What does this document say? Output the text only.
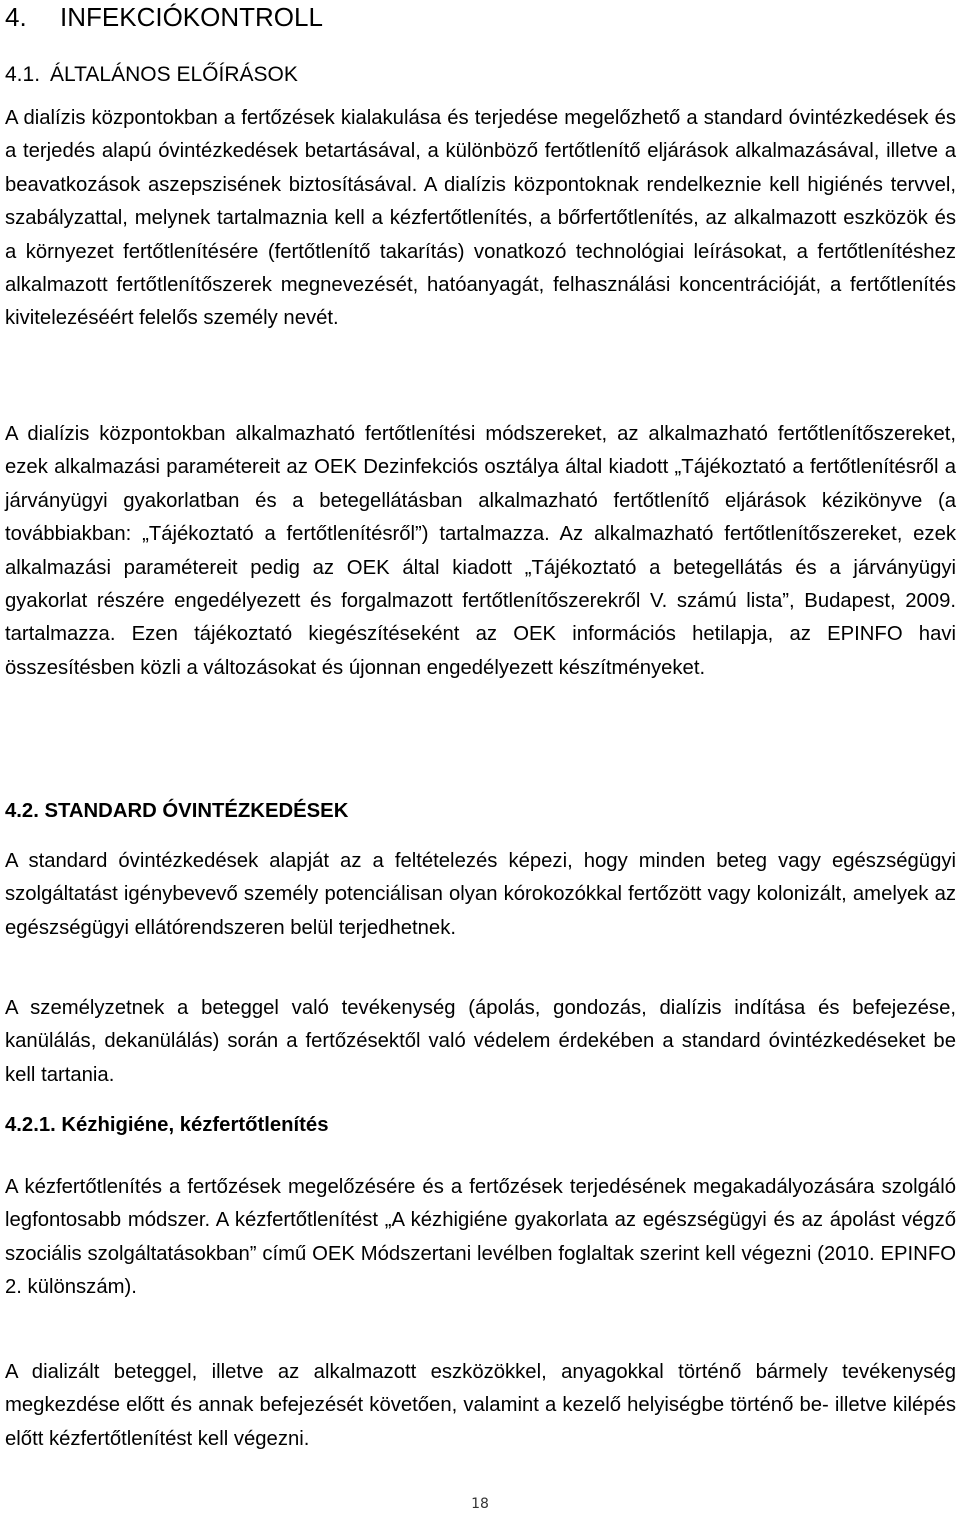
4. INFEKCIÓKONTROLL
4.1. ÁLTALÁNOS ELŐÍRÁSOK

A dialízis központokban a fertőzések kialakulása és terjedése megelőzhető a standard óvintézkedések és a terjedés alapú óvintézkedések betartásával, a különböző fertőtlenítő eljárások alkalmazásával, illetve a beavatkozások aszepszisének biztosításával. A dialízis központoknak rendelkeznie kell higiénés tervvel, szabályzattal, melynek tartalmaznia kell a kézfertőtlenítés, a bőrfertőtlenítés, az alkalmazott eszközök és a környezet fertőtlenítésére (fertőtlenítő takarítás) vonatkozó technológiai leírásokat, a fertőtlenítéshez alkalmazott fertőtlenítőszerek megnevezését, hatóanyagát, felhasználási koncentrációját, a fertőtlenítés kivitelezéséért felelős személy nevét.

A dialízis központokban alkalmazható fertőtlenítési módszereket, az alkalmazható fertőtlenítőszereket, ezek alkalmazási paramétereit az OEK Dezinfekciós osztálya által kiadott „Tájékoztató a fertőtlenítésről a járványügyi gyakorlatban és a betegellátásban alkalmazható fertőtlenítő eljárások kézikönyve (a továbbiakban: „Tájékoztató a fertőtlenítésről”) tartalmazza. Az alkalmazható fertőtlenítőszereket, ezek alkalmazási paramétereit pedig az OEK által kiadott „Tájékoztató a betegellátás és a járványügyi gyakorlat részére engedélyezett és forgalmazott fertőtlenítőszerekről V. számú lista”, Budapest, 2009. tartalmazza. Ezen tájékoztató kiegészítéseként az OEK információs hetilapja, az EPINFO havi összesítésben közli a változásokat és újonnan engedélyezett készítményeket.

4.2. STANDARD ÓVINTÉZKEDÉSEK

A standard óvintézkedések alapját az a feltételezés képezi, hogy minden beteg vagy egészségügyi szolgáltatást igénybevevő személy potenciálisan olyan kórokozókkal fertőzött vagy kolonizált, amelyek az egészségügyi ellátórendszeren belül terjedhetnek.

A személyzetnek a beteggel való tevékenység (ápolás, gondozás, dialízis indítása és befejezése, kanülálás, dekanülálás) során a fertőzésektől való védelem érdekében a standard óvintézkedéseket be kell tartania.

4.2.1. Kézhigiéne, kézfertőtlenítés

A kézfertőtlenítés a fertőzések megelőzésére és a fertőzések terjedésének megakadályozására szolgáló legfontosabb módszer. A kézfertőtlenítést „A kézhigiéne gyakorlata az egészségügyi és az ápolást végző szociális szolgáltatásokban” című OEK Módszertani levélben foglaltak szerint kell végezni (2010. EPINFO 2. különszám).

A dializált beteggel, illetve az alkalmazott eszközökkel, anyagokkal történő bármely tevékenység megkezdése előtt és annak befejezését követően, valamint a kezelő helyiségbe történő be- illetve kilépés előtt kézfertőtlenítést kell végezni.

18
